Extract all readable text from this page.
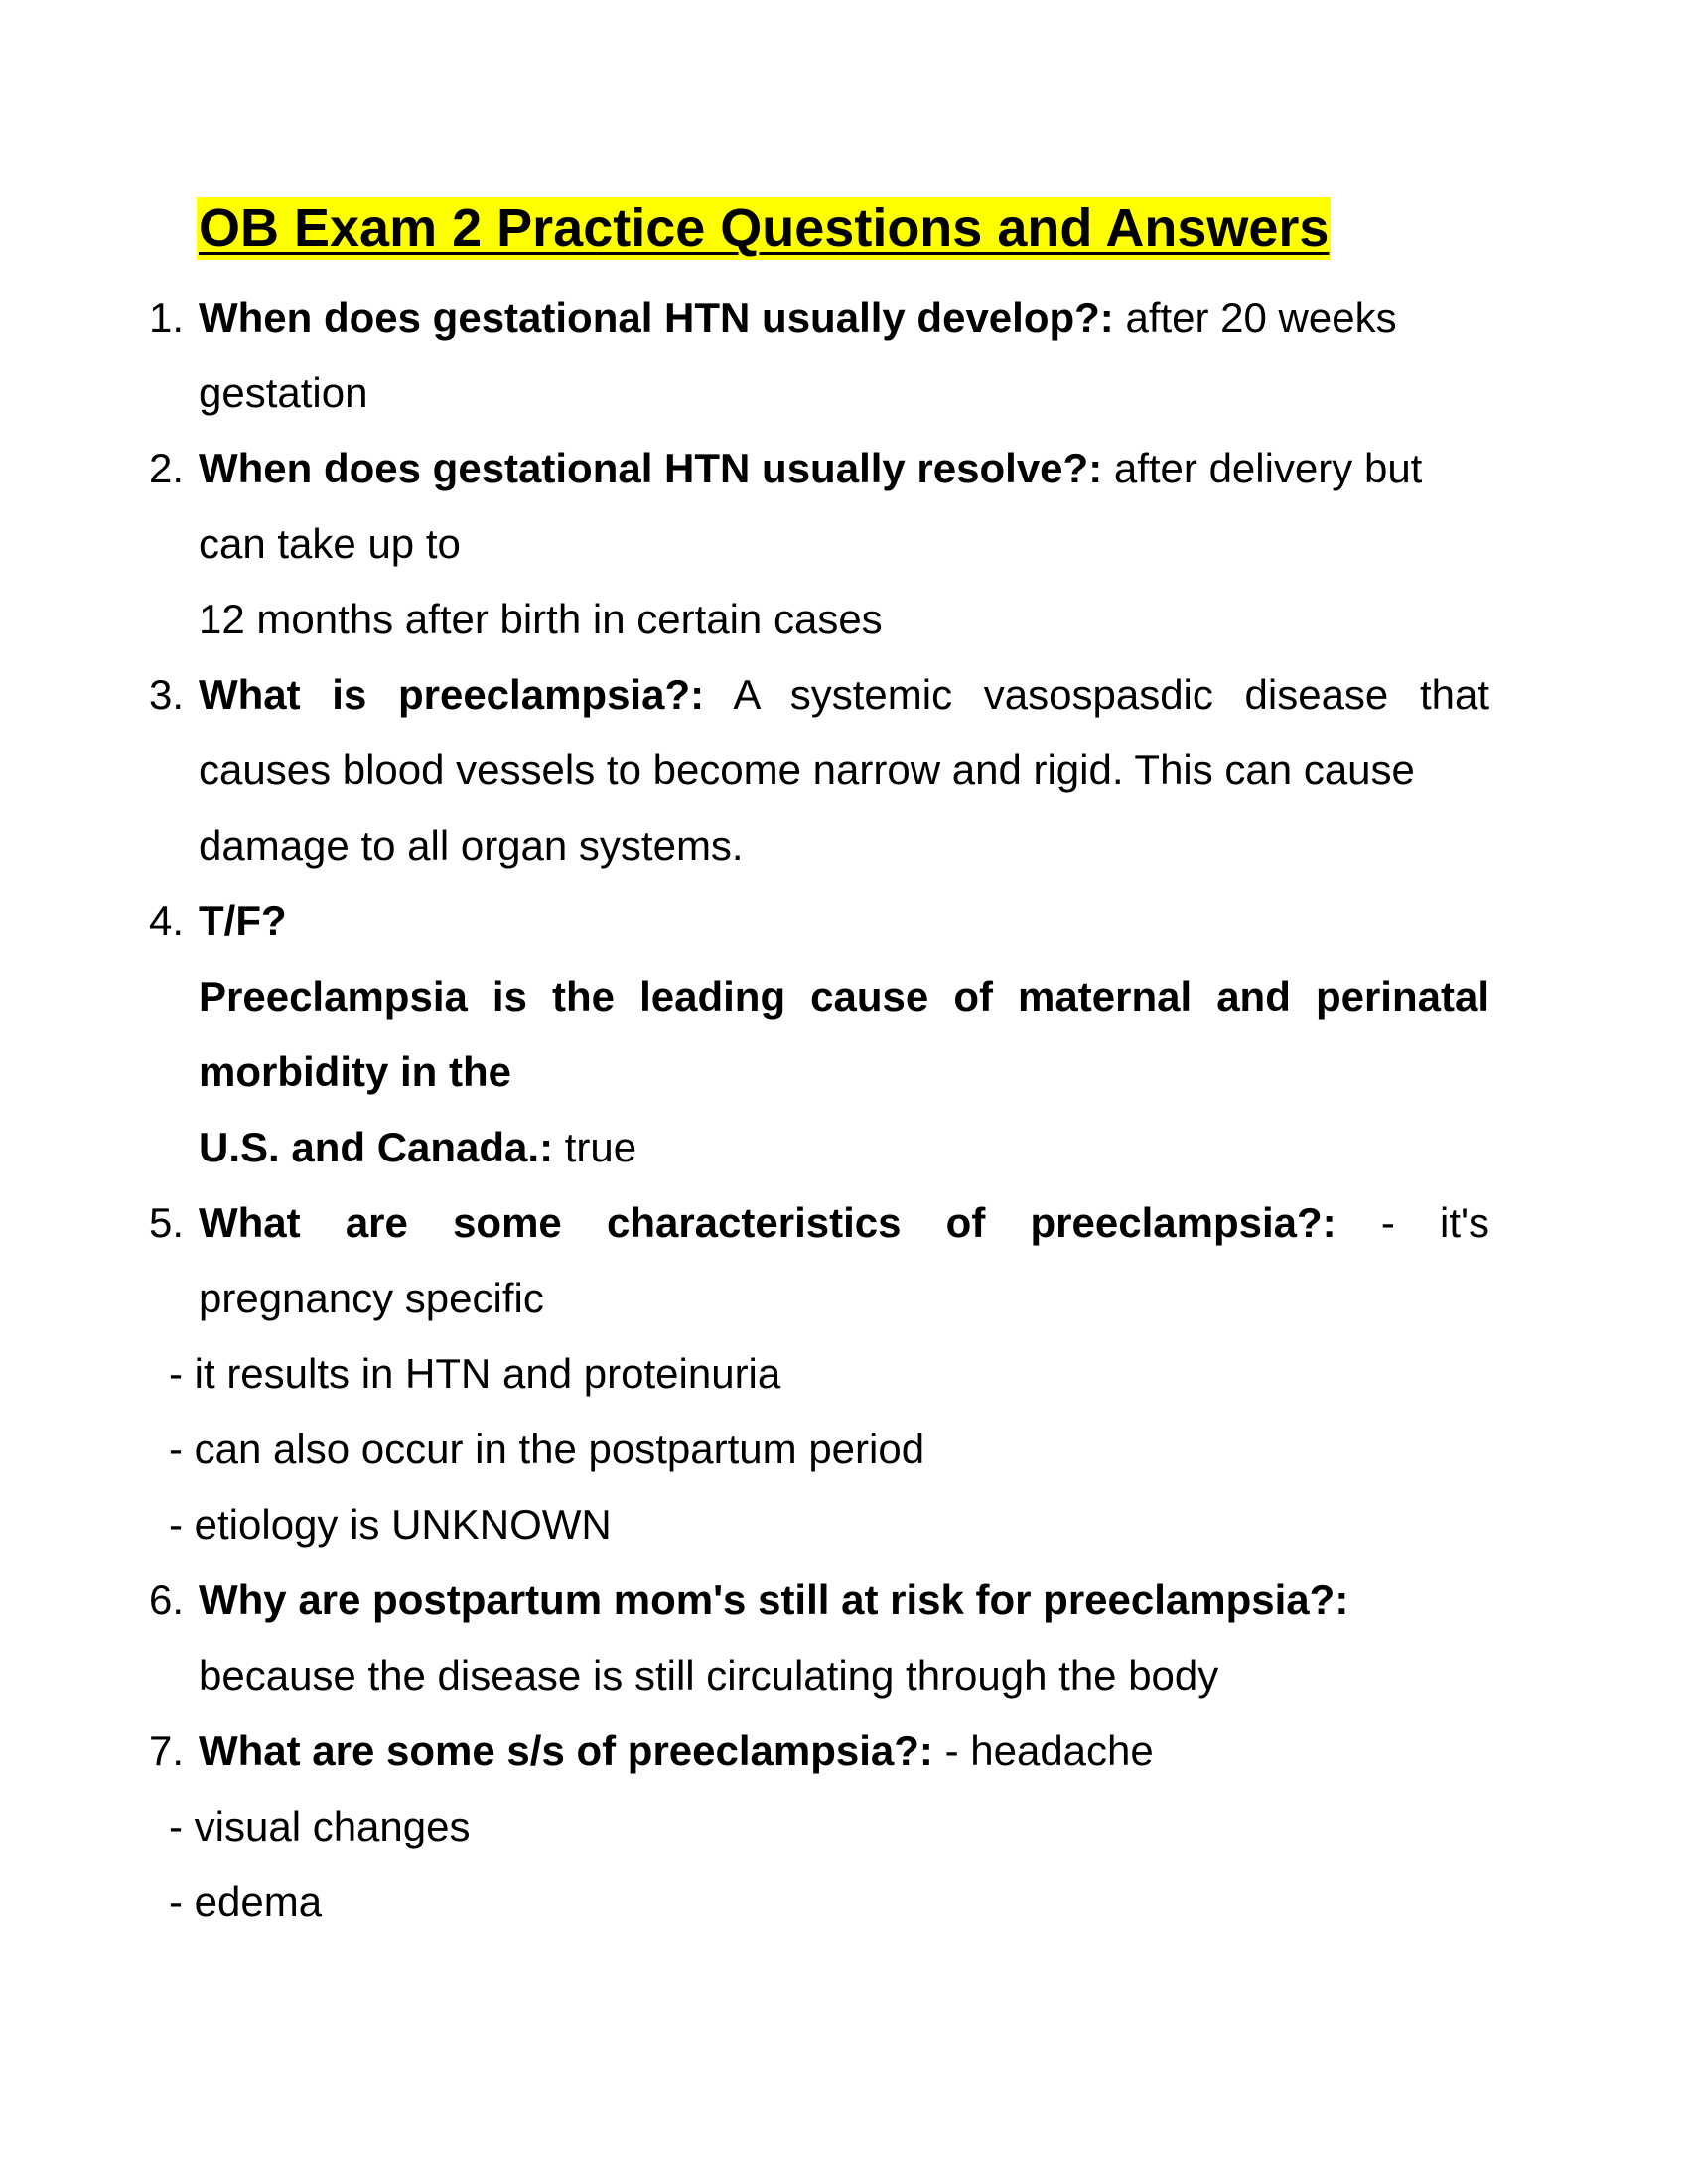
OB Exam 2 Practice Questions and Answers
1. When does gestational HTN usually develop?: after 20 weeks
gestation
2. When does gestational HTN usually resolve?: after delivery but
can take up to
12 months after birth in certain cases
3. What is preeclampsia?: A systemic vasospasdic disease that
causes blood vessels to become narrow and rigid. This can cause
damage to all organ systems.
4. T/F?
Preeclampsia is the leading cause of maternal and perinatal
morbidity in the
U.S. and Canada.: true
5. What are some characteristics of preeclampsia?: - it's
pregnancy specific
- it results in HTN and proteinuria
- can also occur in the postpartum period
- etiology is UNKNOWN
6. Why are postpartum mom's still at risk for preeclampsia?:
because the disease is still circulating through the body
7. What are some s/s of preeclampsia?: - headache
- visual changes
- edema
